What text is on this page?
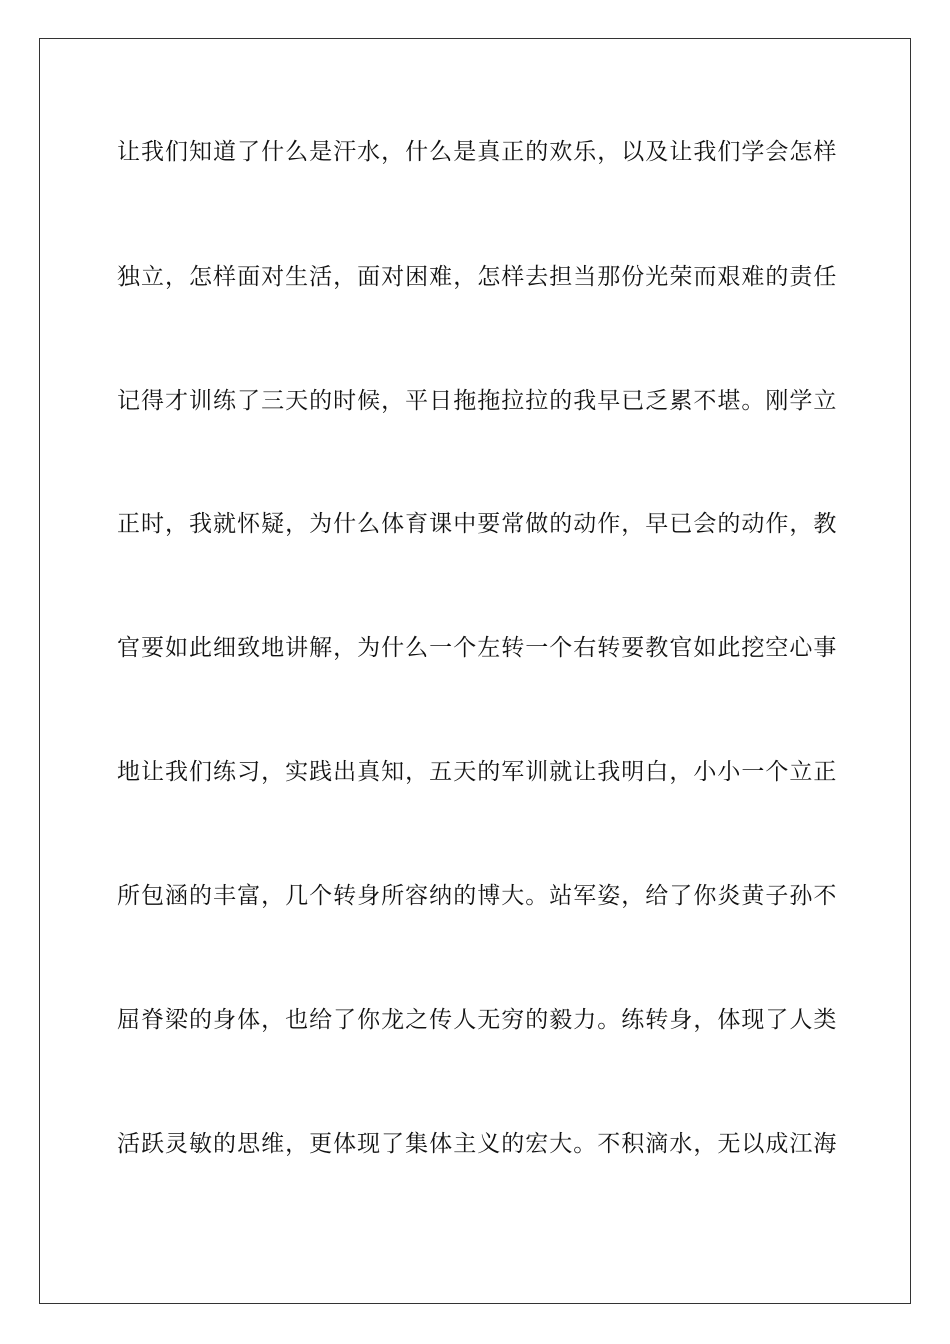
让我们知道了什么是汗水，什么是真正的欢乐，以及让我们学会怎样
独立，怎样面对生活，面对困难，怎样去担当那份光荣而艰难的责任
记得才训练了三天的时候，平日拖拖拉拉的我早已乏累不堪。刚学立
正时，我就怀疑，为什么体育课中要常做的动作，早已会的动作，教
官要如此细致地讲解，为什么一个左转一个右转要教官如此挖空心事
地让我们练习，实践出真知，五天的军训就让我明白，小小一个立正
所包涵的丰富，几个转身所容纳的博大。站军姿，给了你炎黄子孙不
屈脊梁的身体，也给了你龙之传人无穷的毅力。练转身，体现了人类
活跃灵敏的思维，更体现了集体主义的宏大。不积滴水，无以成江海
